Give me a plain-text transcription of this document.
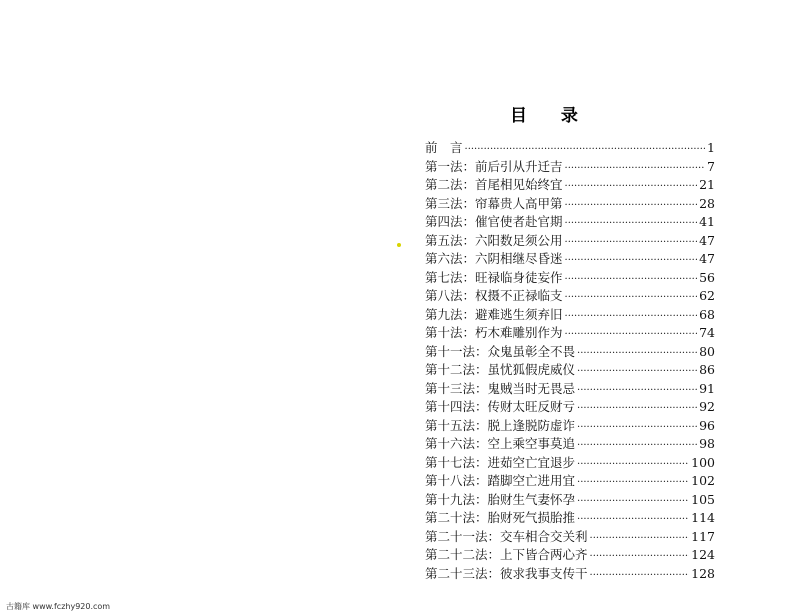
目 录
前　言 ·····	1
第一法：前后引从升迁吉 ·····	7
第二法：首尾相见始终宜 ·····	21
第三法：帘幕贵人高甲第 ·····	28
第四法：催官使者赴官期 ·····	41
第五法：六阳数足须公用 ·····	47
第六法：六阴相继尽昏迷 ·····	47
第七法：旺禄临身徒妄作 ·····	56
第八法：权摄不正禄临支 ·····	62
第九法：避难逃生须弃旧 ·····	68
第十法：朽木难雕别作为 ·····	74
第十一法：众鬼虽彰全不畏 ·····	80
第十二法：虽忧狐假虎威仪 ·····	86
第十三法：鬼贼当时无畏忌 ·····	91
第十四法：传财太旺反财亏 ·····	92
第十五法：脱上逢脱防虚诈 ·····	96
第十六法：空上乘空事莫追 ·····	98
第十七法：进茹空亡宜退步 ·····	100
第十八法：踏脚空亡进用宜 ·····	102
第十九法：胎财生气妻怀孕 ·····	105
第二十法：胎财死气损胎推 ·····	114
第二十一法：交车相合交关利 ·····	117
第二十二法：上下皆合两心齐 ·····	124
第二十三法：彼求我事支传干 ·····	128
古籍库 www.fczhy920.com
